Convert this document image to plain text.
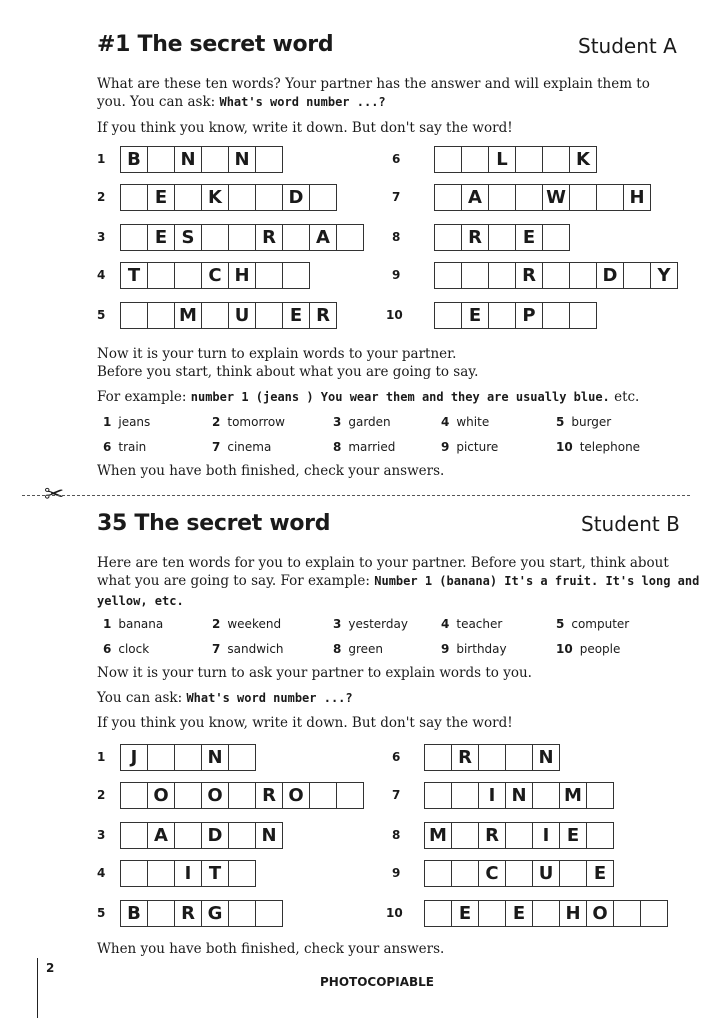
#1 The secret word	Student A
What are these ten words? Your partner has the answer and will explain them to
you. You can ask: What's word number ...?
If you think you know, write it down. But don't say the word!
1	B	N	N
2	E	K	D
3	E S	R	A
4	T	C H
5	M	U	E R
6	L	K
7	A	W	H
8	R	E
9	R	D	Y
10	E	P
Now it is your turn to explain words to your partner.
Before you start, think about what you are going to say.
For example: number 1 (jeans ) You wear them and they are usually blue. etc.
1 jeans	2 tomorrow	3 garden	4 white	5 burger
6 train	7 cinema	8 married	9 picture	10 telephone
When you have both finished, check your answers.
✂
35 The secret word	Student B
Here are ten words for you to explain to your partner. Before you start, think about
what you are going to say. For example: Number 1 (banana) It's a fruit. It's long and
yellow, etc.
1 banana	2 weekend	3 yesterday	4 teacher	5 computer
6 clock	7 sandwich	8 green	9 birthday	10 people
Now it is your turn to ask your partner to explain words to you.
You can ask: What's word number ...?
If you think you know, write it down. But don't say the word!
1	J	N
2	O	O	R O
3	A	D	N
4	I T
5	B	R G
6	R	N
7	I N	M
8 M	R	I E
9	C	U	E
10	E	E	H O
When you have both finished, check your answers.
2
PHOTOCOPIABLE
